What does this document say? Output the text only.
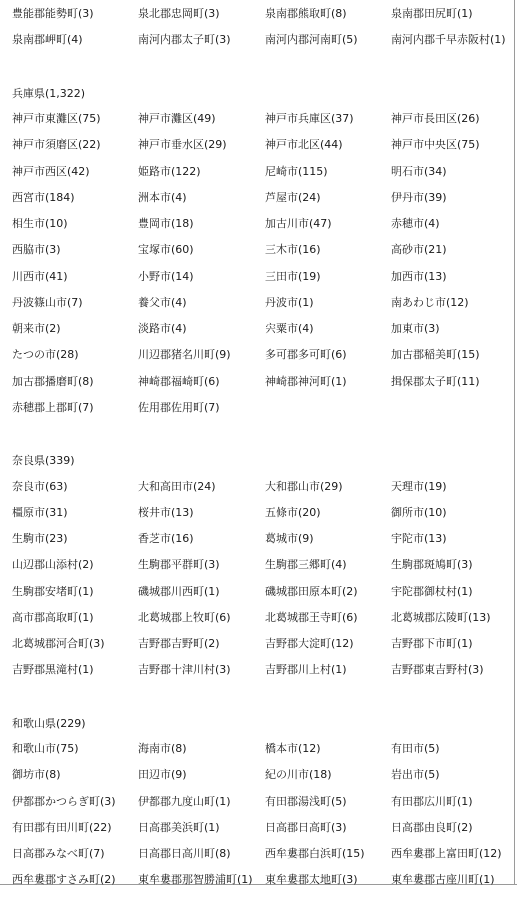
豊能郡能勢町(3)	泉北郡忠岡町(3)	泉南郡熊取町(8)	泉南郡田尻町(1)
泉南郡岬町(4)	南河内郡太子町(3)	南河内郡河南町(5)	南河内郡千早赤阪村(1)
兵庫県(1,322)
神戸市東灘区(75)	神戸市灘区(49)	神戸市兵庫区(37)	神戸市長田区(26)
神戸市須磨区(22)	神戸市垂水区(29)	神戸市北区(44)	神戸市中央区(75)
神戸市西区(42)	姫路市(122)	尼崎市(115)	明石市(34)
西宮市(184)	洲本市(4)	芦屋市(24)	伊丹市(39)
相生市(10)	豊岡市(18)	加古川市(47)	赤穂市(4)
西脇市(3)	宝塚市(60)	三木市(16)	高砂市(21)
川西市(41)	小野市(14)	三田市(19)	加西市(13)
丹波篠山市(7)	養父市(4)	丹波市(1)	南あわじ市(12)
朝来市(2)	淡路市(4)	宍粟市(4)	加東市(3)
たつの市(28)	川辺郡猪名川町(9)	多可郡多可町(6)	加古郡稲美町(15)
加古郡播磨町(8)	神崎郡福崎町(6)	神崎郡神河町(1)	揖保郡太子町(11)
赤穂郡上郡町(7)	佐用郡佐用町(7)
奈良県(339)
奈良市(63)	大和高田市(24)	大和郡山市(29)	天理市(19)
橿原市(31)	桜井市(13)	五條市(20)	御所市(10)
生駒市(23)	香芝市(16)	葛城市(9)	宇陀市(13)
山辺郡山添村(2)	生駒郡平群町(3)	生駒郡三郷町(4)	生駒郡斑鳩町(3)
生駒郡安堵町(1)	磯城郡川西町(1)	磯城郡田原本町(2)	宇陀郡御杖村(1)
高市郡高取町(1)	北葛城郡上牧町(6)	北葛城郡王寺町(6)	北葛城郡広陵町(13)
北葛城郡河合町(3)	吉野郡吉野町(2)	吉野郡大淀町(12)	吉野郡下市町(1)
吉野郡黒滝村(1)	吉野郡十津川村(3)	吉野郡川上村(1)	吉野郡東吉野村(3)
和歌山県(229)
和歌山市(75)	海南市(8)	橋本市(12)	有田市(5)
御坊市(8)	田辺市(9)	紀の川市(18)	岩出市(5)
伊都郡かつらぎ町(3) 伊都郡九度山町(1)	有田郡湯浅町(5)	有田郡広川町(1)
有田郡有田川町(22) 日高郡美浜町(1)	日高郡日高町(3)	日高郡由良町(2)
日高郡みなべ町(7)	日高郡日高川町(8)	西牟婁郡白浜町(15) 西牟婁郡上富田町(12)
西牟婁郡すさみ町(2) 東牟婁郡那智勝浦町(1) 東牟婁郡太地町(3)	東牟婁郡古座川町(1)
